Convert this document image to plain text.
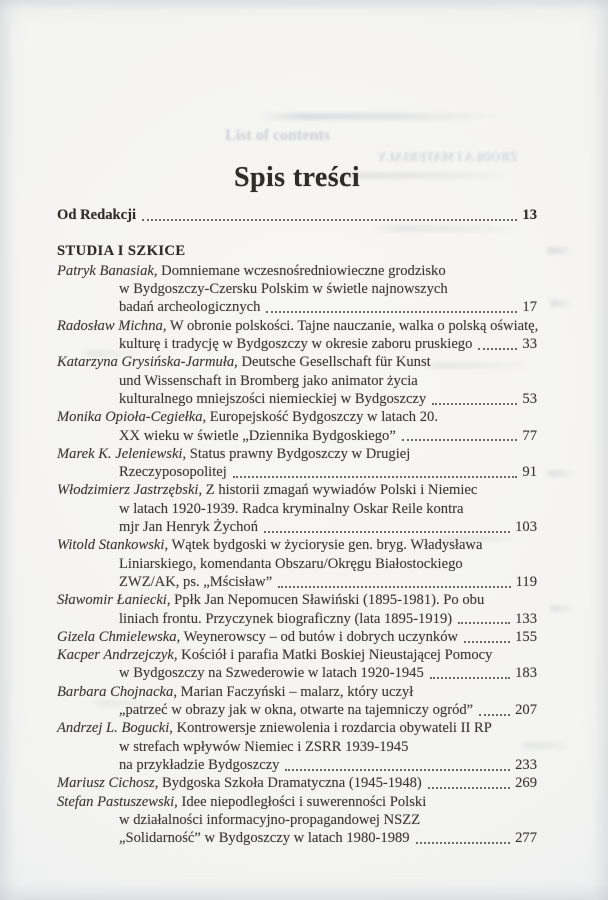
List of contents
ŹRÓDŁA I MATERIAŁY
Spis treści
Od Redakcji	13
STUDIA I SZKICE
Patryk Banasiak , Domniemane wczesnośredniowieczne grodzisko
w Bydgoszczy-Czersku Polskim w świetle najnowszych
badań archeologicznych	17
Radosław Michna , W obronie polskości. Tajne nauczanie, walka o polską oświatę,
kulturę i tradycję w Bydgoszczy w okresie zaboru pruskiego	33
Katarzyna Grysińska-Jarmuła , Deutsche Gesellschaft für Kunst
und Wissenschaft in Bromberg jako animator życia
kulturalnego mniejszości niemieckiej w Bydgoszczy	53
Monika Opioła-Cegiełka , Europejskość Bydgoszczy w latach 20.
XX wieku w świetle „Dziennika Bydgoskiego”	77
Marek K. Jeleniewski , Status prawny Bydgoszczy w Drugiej
Rzeczyposopolitej	91
Włodzimierz Jastrzębski , Z historii zmagań wywiadów Polski i Niemiec
w latach 1920-1939. Radca kryminalny Oskar Reile kontra
mjr Jan Henryk Żychoń	103
Witold Stankowski , Wątek bydgoski w życiorysie gen. bryg. Władysława
Liniarskiego, komendanta Obszaru/Okręgu Białostockiego
ZWZ/AK, ps. „Mścisław”	119
Sławomir Łaniecki , Ppłk Jan Nepomucen Sławiński (1895-1981). Po obu
liniach frontu. Przyczynek biograficzny (lata 1895-1919)	133
Gizela Chmielewska , Weynerowscy – od butów i dobrych uczynków	155
Kacper Andrzejczyk , Kościół i parafia Matki Boskiej Nieustającej Pomocy
w Bydgoszczy na Szwederowie w latach 1920-1945	183
Barbara Chojnacka , Marian Faczyński – malarz, który uczył
„patrzeć w obrazy jak w okna, otwarte na tajemniczy ogród”	207
Andrzej L. Bogucki , Kontrowersje zniewolenia i rozdarcia obywateli II RP
w strefach wpływów Niemiec i ZSRR 1939-1945
na przykładzie Bydgoszczy	233
Mariusz Cichosz , Bydgoska Szkoła Dramatyczna (1945-1948)	269
Stefan Pastuszewski , Idee niepodległości i suwerenności Polski
w działalności informacyjno-propagandowej NSZZ
„Solidarność” w Bydgoszczy w latach 1980-1989	277
